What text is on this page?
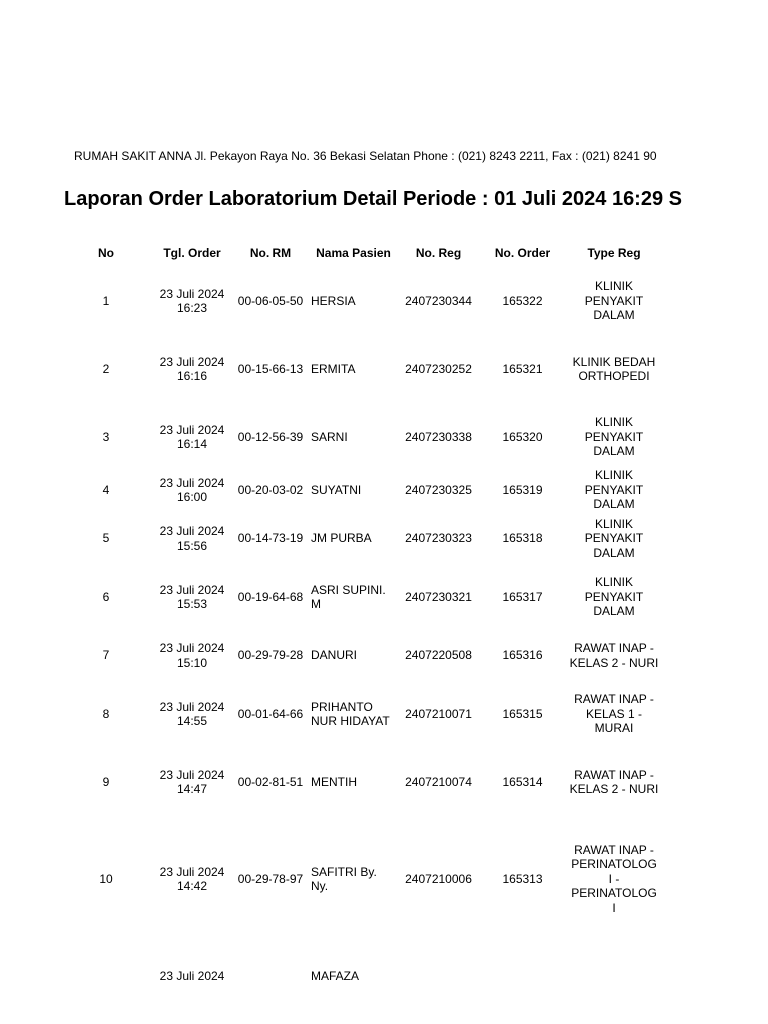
RUMAH SAKIT ANNA Jl. Pekayon Raya No. 36 Bekasi Selatan Phone : (021) 8243 2211, Fax : (021) 8241 90
Laporan Order Laboratorium Detail Periode : 01 Juli 2024 16:29 S
No	Tgl. Order	No. RM	Nama Pasien	No. Reg	No. Order	Type Reg
1	23 Juli 2024 16:23	00-06-05-50	HERSIA	2407230344	165322	KLINIK PENYAKIT DALAM
2	23 Juli 2024 16:16	00-15-66-13	ERMITA	2407230252	165321	KLINIK BEDAH ORTHOPEDI
3	23 Juli 2024 16:14	00-12-56-39	SARNI	2407230338	165320	KLINIK PENYAKIT DALAM
4	23 Juli 2024 16:00	00-20-03-02	SUYATNI	2407230325	165319	KLINIK PENYAKIT DALAM
5	23 Juli 2024 15:56	00-14-73-19	JM PURBA	2407230323	165318	KLINIK PENYAKIT DALAM
6	23 Juli 2024 15:53	00-19-64-68	ASRI SUPINI. M	2407230321	165317	KLINIK PENYAKIT DALAM
7	23 Juli 2024 15:10	00-29-79-28	DANURI	2407220508	165316	RAWAT INAP - KELAS 2 - NURI
8	23 Juli 2024 14:55	00-01-64-66	PRIHANTO NUR HIDAYAT	2407210071	165315	RAWAT INAP - KELAS 1 - MURAI
9	23 Juli 2024 14:47	00-02-81-51	MENTIH	2407210074	165314	RAWAT INAP - KELAS 2 - NURI
10	23 Juli 2024 14:42	00-29-78-97	SAFITRI By. Ny.	2407210006	165313	RAWAT INAP - PERINATOLOG I - PERINATOLOG I
	23 Juli 2024		MAFAZA			
